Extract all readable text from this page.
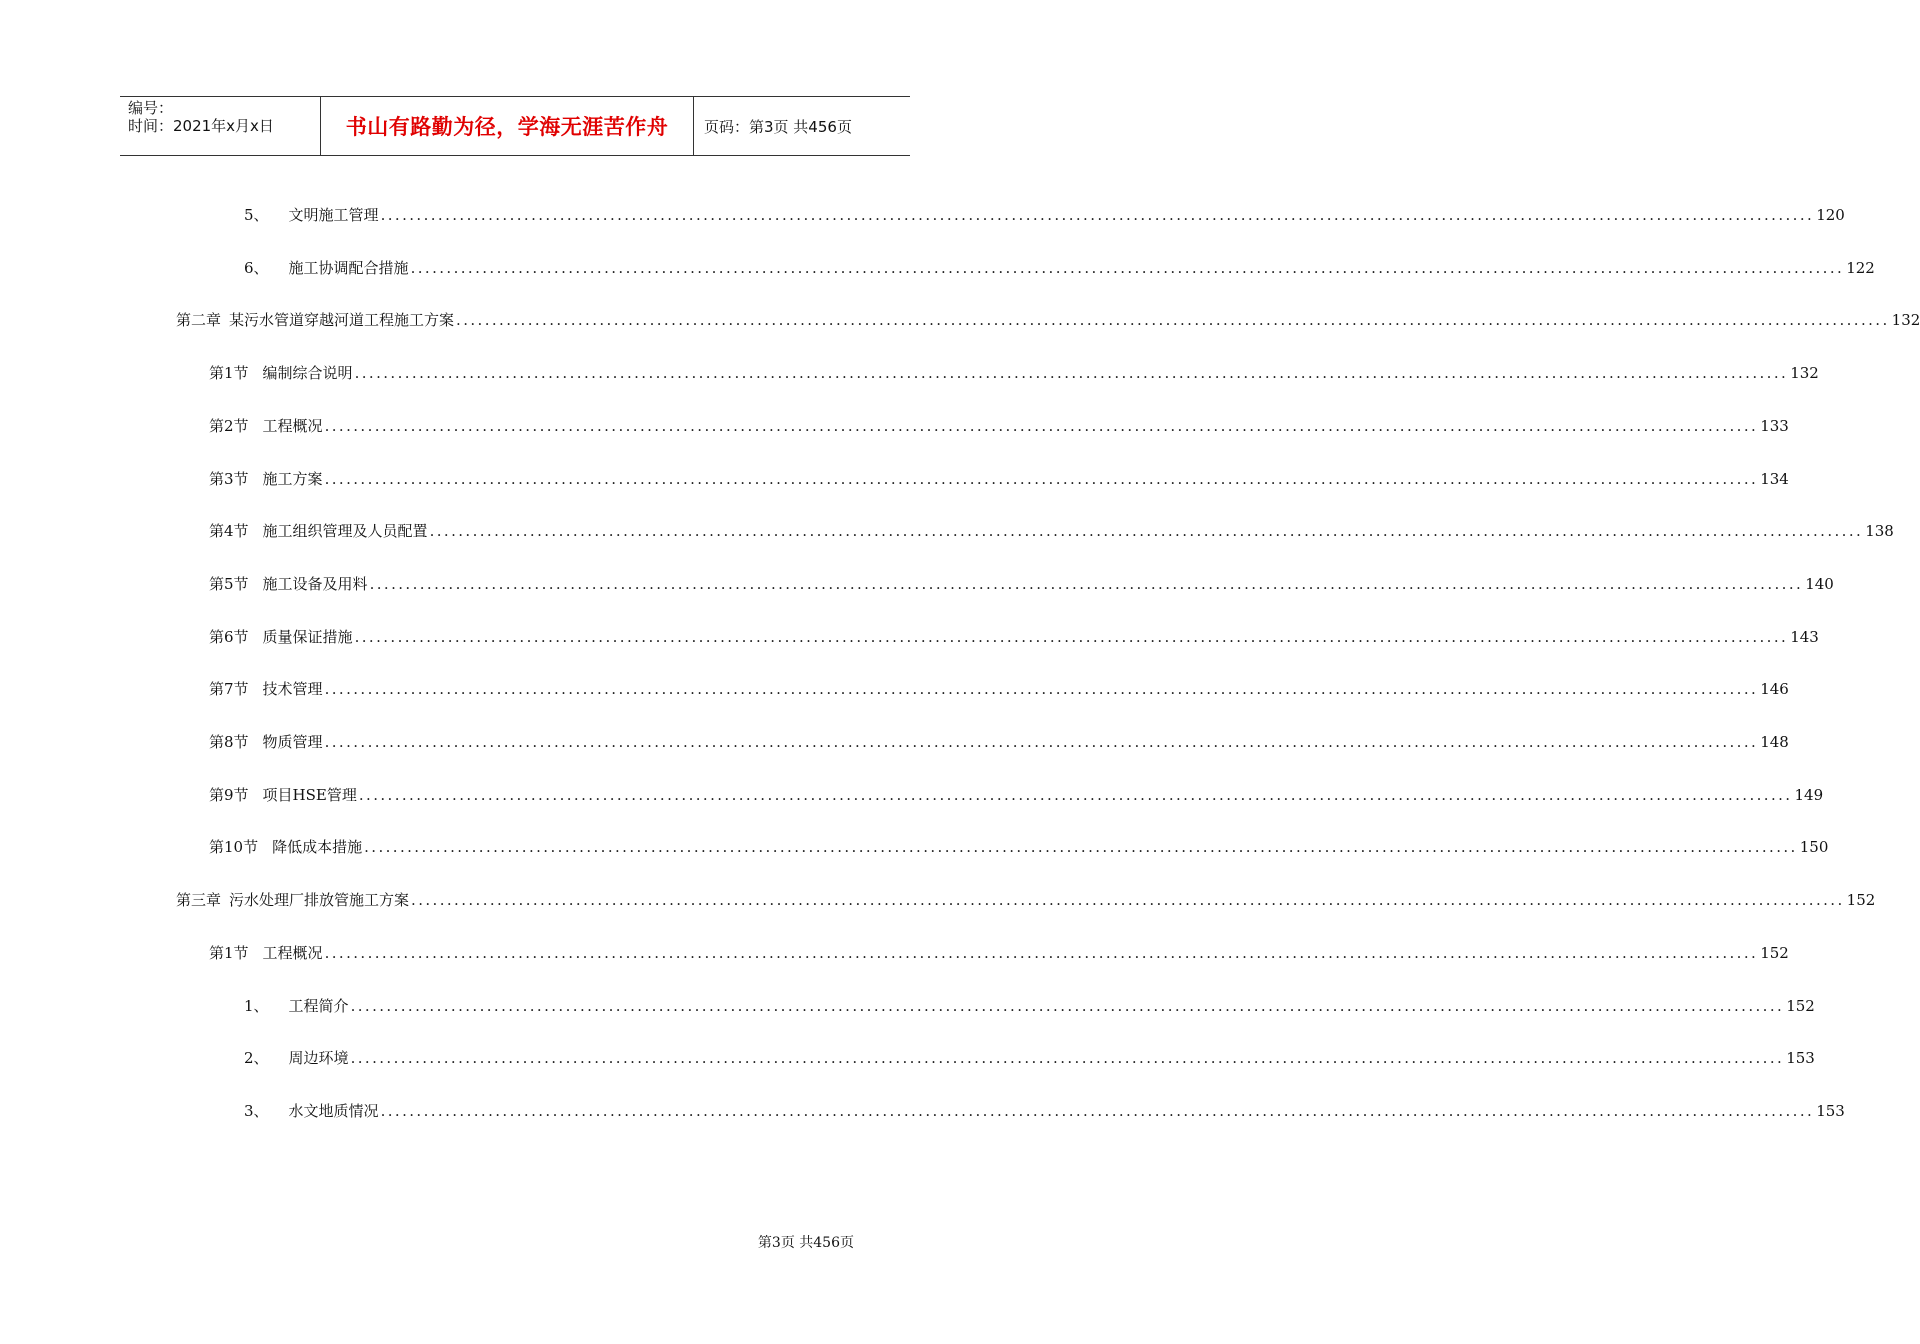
编号：
时间：2021年x月x日	书山有路勤为径，学海无涯苦作舟	页码：第3页 共456页
5、 文明施工管理 ........................................................................................................................................................................................................ 120
6、 施工协调配合措施 ........................................................................................................................................................................................................ 122
第二章 某污水管道穿越河道工程施工方案 ........................................................................................................................................................................................................ 132
第1节 编制综合说明 ........................................................................................................................................................................................................ 132
第2节 工程概况 ........................................................................................................................................................................................................ 133
第3节 施工方案 ........................................................................................................................................................................................................ 134
第4节 施工组织管理及人员配置 ........................................................................................................................................................................................................ 138
第5节 施工设备及用料 ........................................................................................................................................................................................................ 140
第6节 质量保证措施 ........................................................................................................................................................................................................ 143
第7节 技术管理 ........................................................................................................................................................................................................ 146
第8节 物质管理 ........................................................................................................................................................................................................ 148
第9节 项目HSE管理 ........................................................................................................................................................................................................ 149
第10节 降低成本措施 ........................................................................................................................................................................................................ 150
第三章 污水处理厂排放管施工方案 ........................................................................................................................................................................................................ 152
第1节 工程概况 ........................................................................................................................................................................................................ 152
1、 工程简介 ........................................................................................................................................................................................................ 152
2、 周边环境 ........................................................................................................................................................................................................ 153
3、 水文地质情况 ........................................................................................................................................................................................................ 153
第3页 共456页
